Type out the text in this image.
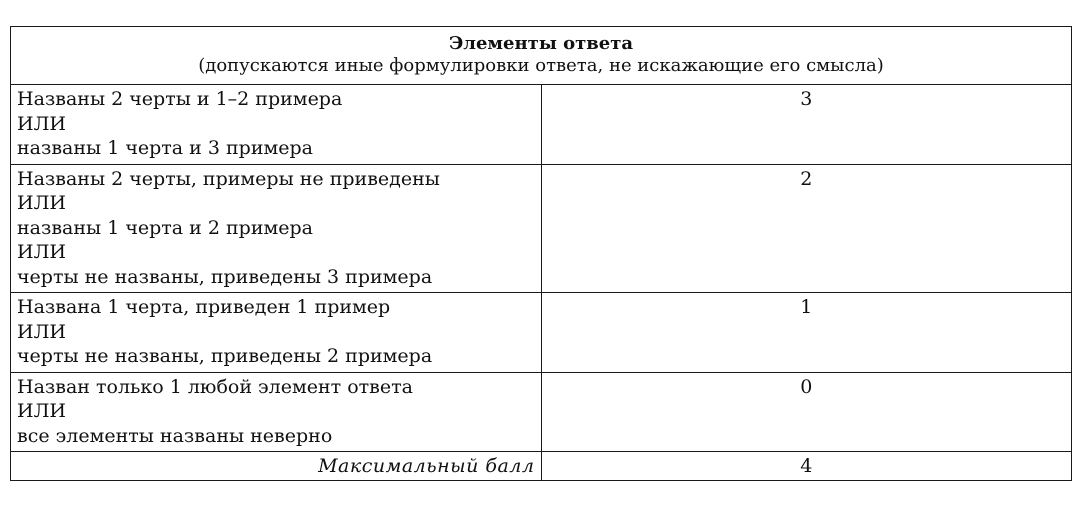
Элементы ответа
(допускаются иные формулировки ответа, не искажающие его смысла)	

Названы 2 черты и 1–2 примера
ИЛИ
названы 1 черта и 3 примера	3

Названы 2 черты, примеры не приведены
ИЛИ
названы 1 черта и 2 примера
ИЛИ
черты не названы, приведены 3 примера	2

Названа 1 черта, приведен 1 пример
ИЛИ
черты не названы, приведены 2 примера	1

Назван только 1 любой элемент ответа
ИЛИ
все элементы названы неверно	0
Максимальный балл	4
